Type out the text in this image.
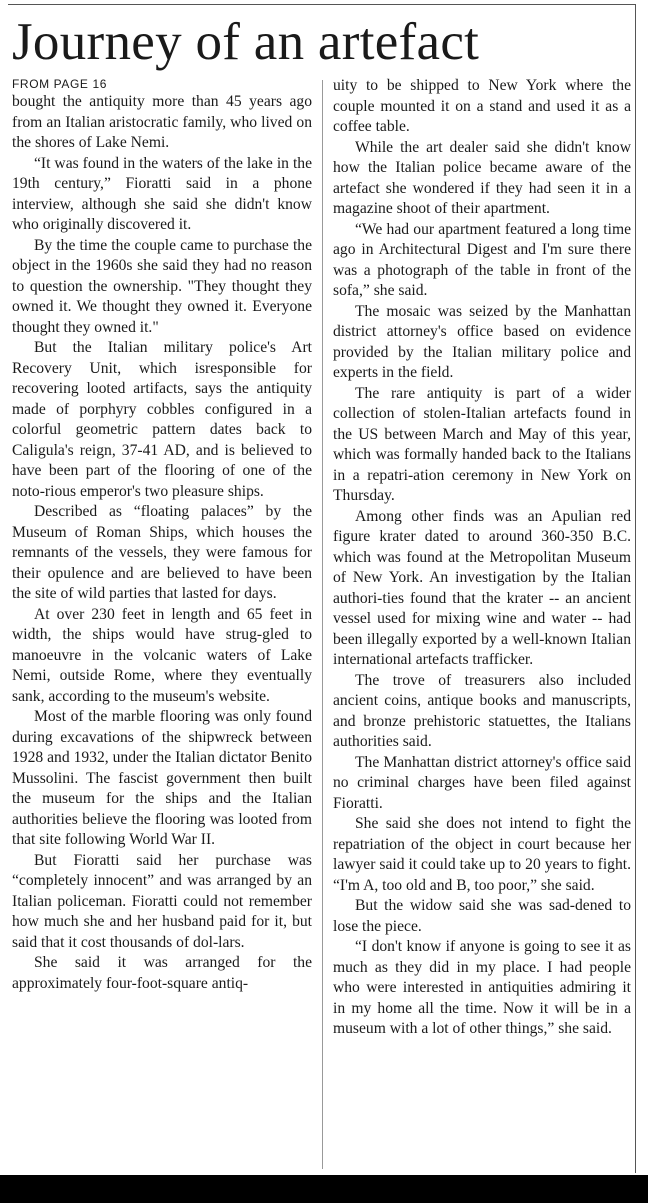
Journey of an artefact
FROM PAGE 16

bought the antiquity more than 45 years ago from an Italian aristocratic family, who lived on the shores of Lake Nemi.

“It was found in the waters of the lake in the 19th century,” Fioratti said in a phone interview, although she said she didn't know who originally discovered it.

By the time the couple came to purchase the object in the 1960s she said they had no reason to question the ownership. "They thought they owned it. We thought they owned it. Everyone thought they owned it."

But the Italian military police's Art Recovery Unit, which isresponsible for recovering looted artifacts, says the antiquity made of porphyry cobbles configured in a colorful geometric pattern dates back to Caligula's reign, 37-41 AD, and is believed to have been part of the flooring of one of the noto-rious emperor's two pleasure ships.

Described as “floating palaces” by the Museum of Roman Ships, which houses the remnants of the vessels, they were famous for their opulence and are believed to have been the site of wild parties that lasted for days.

At over 230 feet in length and 65 feet in width, the ships would have strug-gled to manoeuvre in the volcanic waters of Lake Nemi, outside Rome, where they eventually sank, according to the museum's website.

Most of the marble flooring was only found during excavations of the shipwreck between 1928 and 1932, under the Italian dictator Benito Mussolini. The fascist government then built the museum for the ships and the Italian authorities believe the flooring was looted from that site following World War II.

But Fioratti said her purchase was “completely innocent” and was arranged by an Italian policeman. Fioratti could not remember how much she and her husband paid for it, but said that it cost thousands of dol-lars.

She said it was arranged for the approximately four-foot-square antiq-

uity to be shipped to New York where the couple mounted it on a stand and used it as a coffee table.

While the art dealer said she didn't know how the Italian police became aware of the artefact she wondered if they had seen it in a magazine shoot of their apartment.

“We had our apartment featured a long time ago in Architectural Digest and I'm sure there was a photograph of the table in front of the sofa,” she said.

The mosaic was seized by the Manhattan district attorney's office based on evidence provided by the Italian military police and experts in the field.

The rare antiquity is part of a wider collection of stolen-Italian artefacts found in the US between March and May of this year, which was formally handed back to the Italians in a repatri-ation ceremony in New York on Thursday.

Among other finds was an Apulian red figure krater dated to around 360-350 B.C. which was found at the Metropolitan Museum of New York. An investigation by the Italian authori-ties found that the krater -- an ancient vessel used for mixing wine and water -- had been illegally exported by a well-known Italian international artefacts trafficker.

The trove of treasurers also included ancient coins, antique books and manuscripts, and bronze prehistoric statuettes, the Italians authorities said.

The Manhattan district attorney's office said no criminal charges have been filed against Fioratti.

She said she does not intend to fight the repatriation of the object in court because her lawyer said it could take up to 20 years to fight. “I'm A, too old and B, too poor,” she said.

But the widow said she was sad-dened to lose the piece.

“I don't know if anyone is going to see it as much as they did in my place. I had people who were interested in antiquities admiring it in my home all the time. Now it will be in a museum with a lot of other things,” she said.
